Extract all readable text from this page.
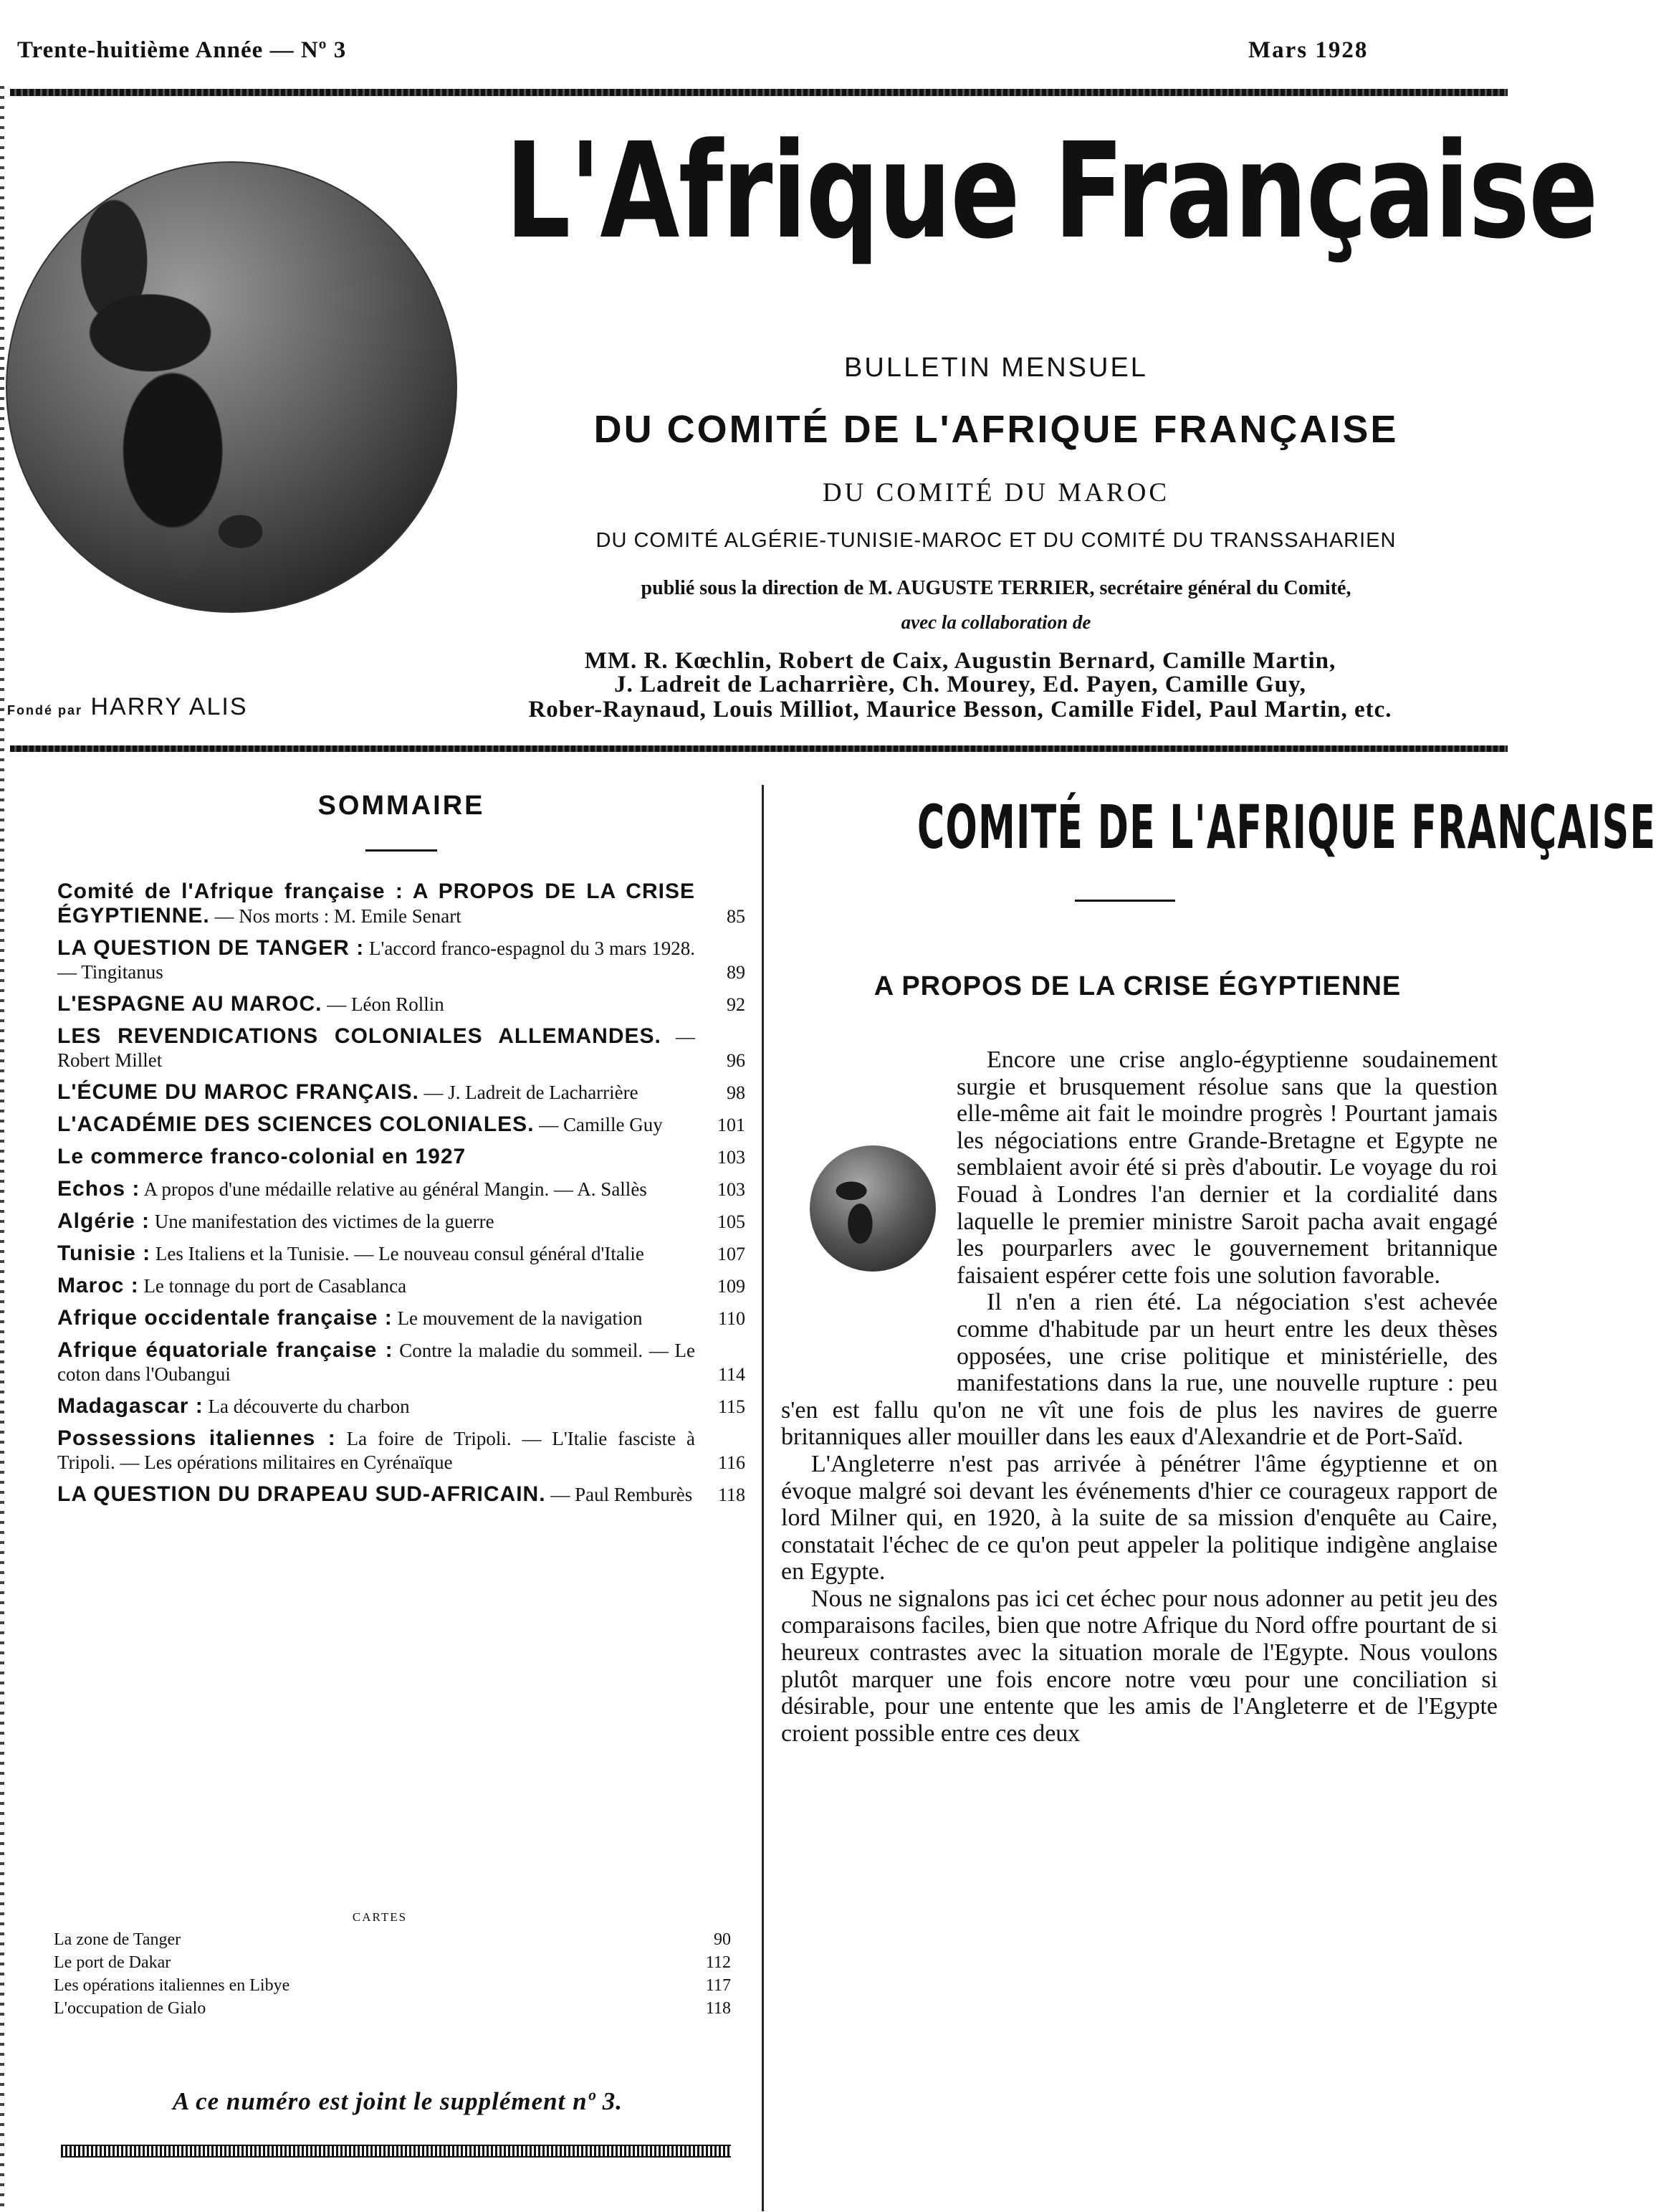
Trente-huitième Année — Nº 3	Mars 1928
Fondé par HARRY ALIS
L'Afrique Française
BULLETIN MENSUEL
DU COMITÉ DE L'AFRIQUE FRANÇAISE
DU COMITÉ DU MAROC
DU COMITÉ ALGÉRIE-TUNISIE-MAROC ET DU COMITÉ DU TRANSSAHARIEN
publié sous la direction de M. AUGUSTE TERRIER, secrétaire général du Comité,
avec la collaboration de
MM. R. Kœchlin, Robert de Caix, Augustin Bernard, Camille Martin,
J. Ladreit de Lacharrière, Ch. Mourey, Ed. Payen, Camille Guy,
Rober-Raynaud, Louis Milliot, Maurice Besson, Camille Fidel, Paul Martin, etc.
SOMMAIRE
Comité de l'Afrique française : A PROPOS DE LA CRISE ÉGYPTIENNE. — Nos morts : M. Emile Senart	85
LA QUESTION DE TANGER : L'accord franco-espagnol du 3 mars 1928. — Tingitanus	89
L'ESPAGNE AU MAROC. — Léon Rollin	92
LES REVENDICATIONS COLONIALES ALLEMANDES. — Robert Millet	96
L'ÉCUME DU MAROC FRANÇAIS. — J. Ladreit de Lacharrière	98
L'ACADÉMIE DES SCIENCES COLONIALES. — Camille Guy	101
Le commerce franco-colonial en 1927	103
Echos : A propos d'une médaille relative au général Mangin. — A. Sallès	103
Algérie : Une manifestation des victimes de la guerre	105
Tunisie : Les Italiens et la Tunisie. — Le nouveau consul général d'Italie	107
Maroc : Le tonnage du port de Casablanca	109
Afrique occidentale française : Le mouvement de la navigation	110
Afrique équatoriale française : Contre la maladie du sommeil. — Le coton dans l'Oubangui	114
Madagascar : La découverte du charbon	115
Possessions italiennes : La foire de Tripoli. — L'Italie fasciste à Tripoli. — Les opérations militaires en Cyrénaïque	116
LA QUESTION DU DRAPEAU SUD-AFRICAIN. — Paul Remburès	118
CARTES
La zone de Tanger	90
Le port de Dakar	112
Les opérations italiennes en Libye	117
L'occupation de Gialo	118
A ce numéro est joint le supplément nº 3.
COMITÉ DE L'AFRIQUE FRANÇAISE
A PROPOS DE LA CRISE ÉGYPTIENNE

Encore une crise anglo-égyptienne soudainement surgie et brusquement résolue sans que la question elle-même ait fait le moindre progrès ! Pourtant jamais les négociations entre Grande-Bretagne et Egypte ne semblaient avoir été si près d'aboutir. Le voyage du roi Fouad à Londres l'an dernier et la cordialité dans laquelle le premier ministre Saroit pacha avait engagé les pourparlers avec le gouvernement britannique faisaient espérer cette fois une solution favorable.

Il n'en a rien été. La négociation s'est achevée comme d'habitude par un heurt entre les deux thèses opposées, une crise politique et ministérielle, des manifestations dans la rue, une nouvelle rupture : peu s'en est fallu qu'on ne vît une fois de plus les navires de guerre britanniques aller mouiller dans les eaux d'Alexandrie et de Port-Saïd.

L'Angleterre n'est pas arrivée à pénétrer l'âme égyptienne et on évoque malgré soi devant les événements d'hier ce courageux rapport de lord Milner qui, en 1920, à la suite de sa mission d'enquête au Caire, constatait l'échec de ce qu'on peut appeler la politique indigène anglaise en Egypte.

Nous ne signalons pas ici cet échec pour nous adonner au petit jeu des comparaisons faciles, bien que notre Afrique du Nord offre pourtant de si heureux contrastes avec la situation morale de l'Egypte. Nous voulons plutôt marquer une fois encore notre vœu pour une conciliation si désirable, pour une entente que les amis de l'Angleterre et de l'Egypte croient possible entre ces deux
